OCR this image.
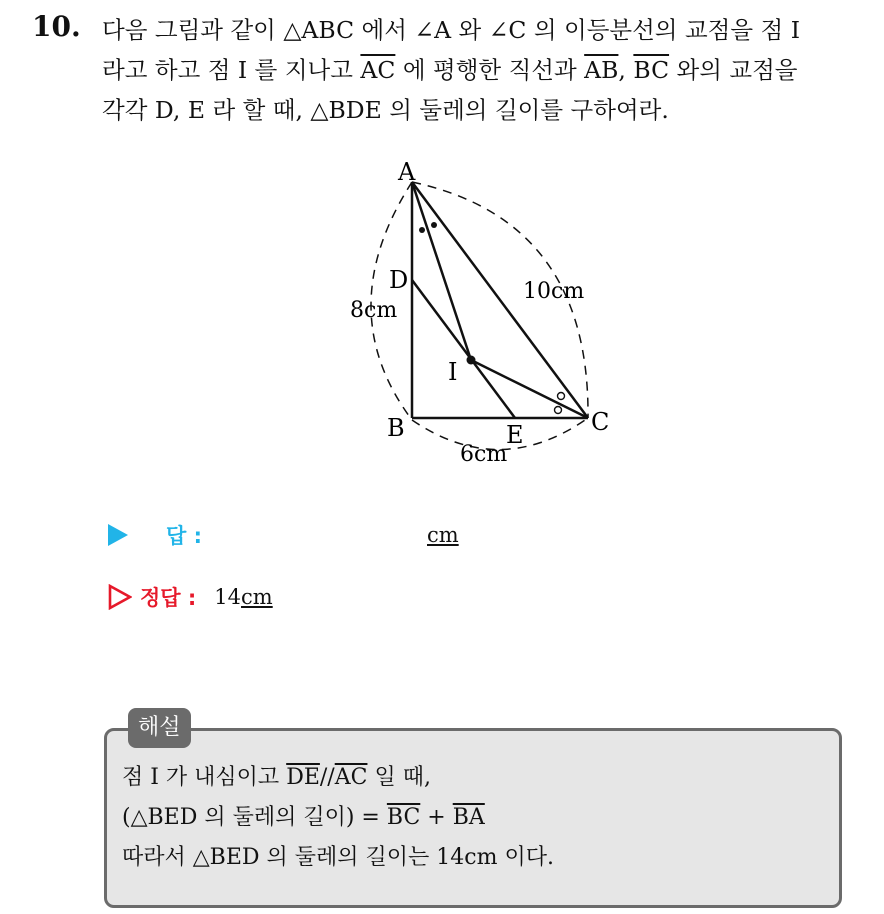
10. 다음 그림과 같이 △ABC 에서 ∠A 와 ∠C 의 이등분선의 교점을 점 I
라고 하고 점 I 를 지나고 $\overline{AC}$ 에 평행한 직선과 $\overline{AB}$, $\overline{BC}$ 와의 교점을
각각 D, E 라 할 때, △BDE 의 둘레의 길이를 구하여라.
A
B	C
D
E
I
8cm
10cm
6cm
답 :	cm
정답 : 14 cm
해설
점 I 가 내심이고 $\overline{DE}//\overline{AC}$ 일 때,
(△BED 의 둘레의 길이) = $\overline{BC} + \overline{BA}$
따라서 △BED 의 둘레의 길이는 14cm 이다.
